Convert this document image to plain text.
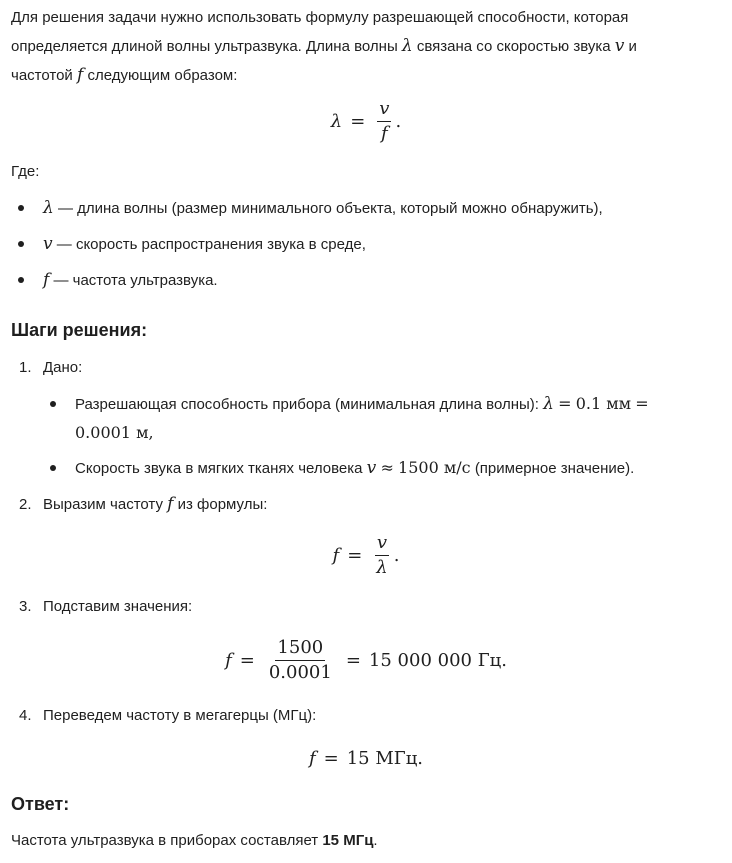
Для решения задачи нужно использовать формулу разрешающей способности, которая
определяется длиной волны ультразвука. Длина волны λ связана со скоростью звука v и
частотой f следующим образом:
$\lambda = \frac{v}{f}$ .
Где:
λ — длина волны (размер минимального объекта, который можно обнаружить),
v — скорость распространения звука в среде,
f — частота ультразвука.
Шаги решения:
1. Дано:
Разрешающая способность прибора (минимальная длина волны): λ = 0.1 мм =
0.0001 м,
Скорость звука в мягких тканях человека v ≈ 1500 м/с (примерное значение).
2. Выразим частоту f из формулы:
$f = \frac{v}{\lambda}$ .
3. Подставим значения:
$f = \frac{1500}{0.0001} = 15$ 000 000 Гц.
4. Переведем частоту в мегагерцы (МГц):
f = 15 МГц.
Ответ:
Частота ультразвука в приборах составляет 15 МГц.
